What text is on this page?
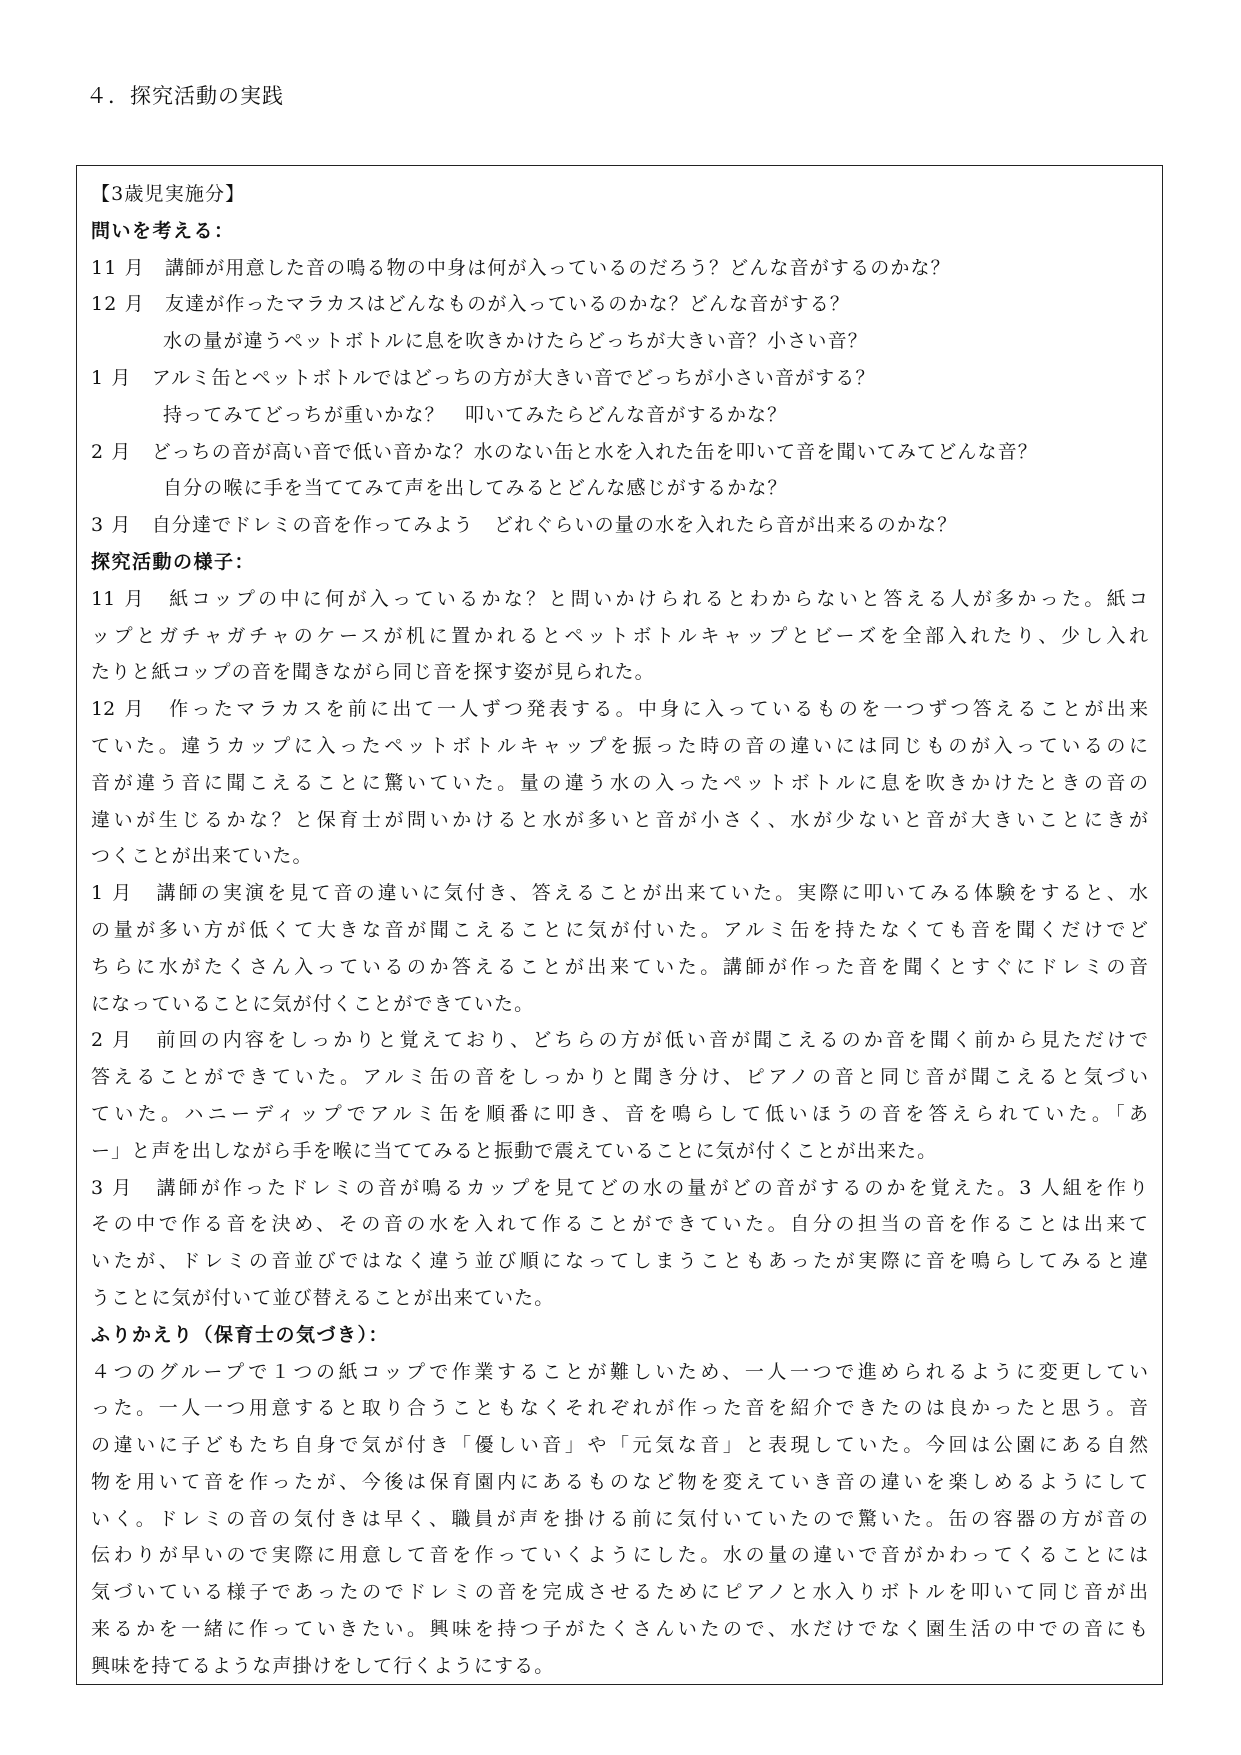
４．探究活動の実践
【3歳児実施分】
問いを考える：
11 月　講師が用意した音の鳴る物の中身は何が入っているのだろう？どんな音がするのかな？
12 月　友達が作ったマラカスはどんなものが入っているのかな？どんな音がする？
水の量が違うペットボトルに息を吹きかけたらどっちが大きい音？小さい音？
1 月　アルミ缶とペットボトルではどっちの方が大きい音でどっちが小さい音がする？
持ってみてどっちが重いかな？　叩いてみたらどんな音がするかな？
2 月　どっちの音が高い音で低い音かな？水のない缶と水を入れた缶を叩いて音を聞いてみてどんな音？
自分の喉に手を当ててみて声を出してみるとどんな感じがするかな？
3 月　自分達でドレミの音を作ってみよう　どれぐらいの量の水を入れたら音が出来るのかな？
探究活動の様子：
11 月　紙コップの中に何が入っているかな？と問いかけられるとわからないと答える人が多かった。紙コ
ップとガチャガチャのケースが机に置かれるとペットボトルキャップとビーズを全部入れたり、少し入れ
たりと紙コップの音を聞きながら同じ音を探す姿が見られた。
12 月　作ったマラカスを前に出て一人ずつ発表する。中身に入っているものを一つずつ答えることが出来
ていた。違うカップに入ったペットボトルキャップを振った時の音の違いには同じものが入っているのに
音が違う音に聞こえることに驚いていた。量の違う水の入ったペットボトルに息を吹きかけたときの音の
違いが生じるかな？と保育士が問いかけると水が多いと音が小さく、水が少ないと音が大きいことにきが
つくことが出来ていた。
1 月　講師の実演を見て音の違いに気付き、答えることが出来ていた。実際に叩いてみる体験をすると、水
の量が多い方が低くて大きな音が聞こえることに気が付いた。アルミ缶を持たなくても音を聞くだけでど
ちらに水がたくさん入っているのか答えることが出来ていた。講師が作った音を聞くとすぐにドレミの音
になっていることに気が付くことができていた。
2 月　前回の内容をしっかりと覚えており、どちらの方が低い音が聞こえるのか音を聞く前から見ただけで
答えることができていた。アルミ缶の音をしっかりと聞き分け、ピアノの音と同じ音が聞こえると気づい
ていた。ハニーディップでアルミ缶を順番に叩き、音を鳴らして低いほうの音を答えられていた。「あ
ー」と声を出しながら手を喉に当ててみると振動で震えていることに気が付くことが出来た。
3 月　講師が作ったドレミの音が鳴るカップを見てどの水の量がどの音がするのかを覚えた。3 人組を作り
その中で作る音を決め、その音の水を入れて作ることができていた。自分の担当の音を作ることは出来て
いたが、ドレミの音並びではなく違う並び順になってしまうこともあったが実際に音を鳴らしてみると違
うことに気が付いて並び替えることが出来ていた。
ふりかえり（保育士の気づき）：
４つのグループで１つの紙コップで作業することが難しいため、一人一つで進められるように変更してい
った。一人一つ用意すると取り合うこともなくそれぞれが作った音を紹介できたのは良かったと思う。音
の違いに子どもたち自身で気が付き「優しい音」や「元気な音」と表現していた。今回は公園にある自然
物を用いて音を作ったが、今後は保育園内にあるものなど物を変えていき音の違いを楽しめるようにして
いく。ドレミの音の気付きは早く、職員が声を掛ける前に気付いていたので驚いた。缶の容器の方が音の
伝わりが早いので実際に用意して音を作っていくようにした。水の量の違いで音がかわってくることには
気づいている様子であったのでドレミの音を完成させるためにピアノと水入りボトルを叩いて同じ音が出
来るかを一緒に作っていきたい。興味を持つ子がたくさんいたので、水だけでなく園生活の中での音にも
興味を持てるような声掛けをして行くようにする。
